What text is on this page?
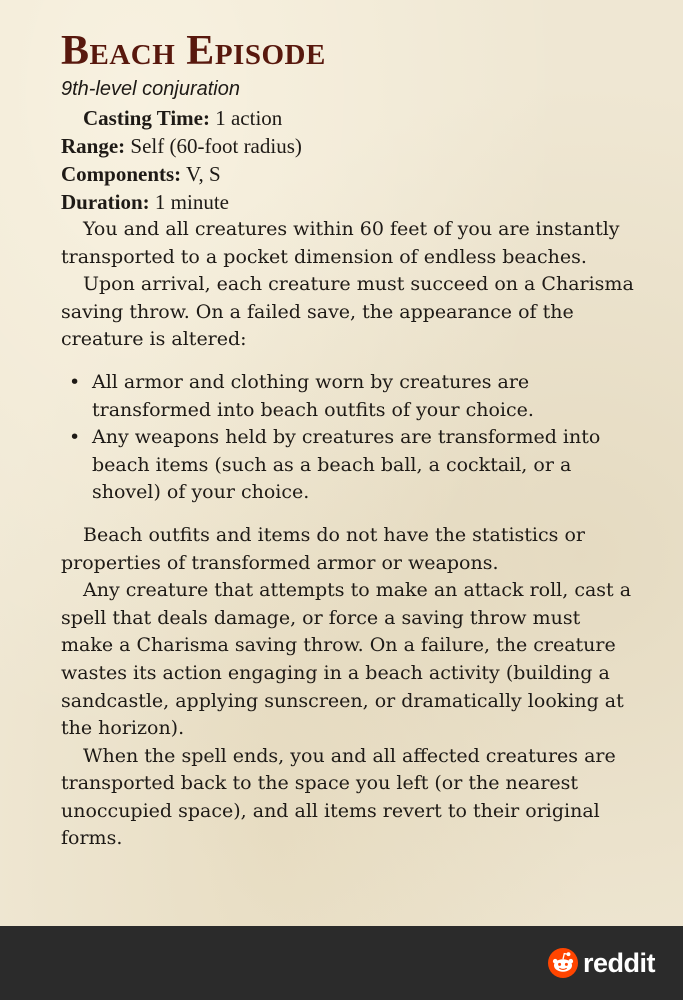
Beach Episode
9th-level conjuration
Casting Time: 1 action
Range: Self (60-foot radius)
Components: V, S
Duration: 1 minute

You and all creatures within 60 feet of you are instantly transported to a pocket dimension of endless beaches.

Upon arrival, each creature must succeed on a Charisma saving throw. On a failed save, the appearance of the creature is altered:

• All armor and clothing worn by creatures are transformed into beach outfits of your choice.
• Any weapons held by creatures are transformed into beach items (such as a beach ball, a cocktail, or a shovel) of your choice.

Beach outfits and items do not have the statistics or properties of transformed armor or weapons.

Any creature that attempts to make an attack roll, cast a spell that deals damage, or force a saving throw must make a Charisma saving throw. On a failure, the creature wastes its action engaging in a beach activity (building a sandcastle, applying sunscreen, or dramatically looking at the horizon).

When the spell ends, you and all affected creatures are transported back to the space you left (or the nearest unoccupied space), and all items revert to their original forms.

reddit
